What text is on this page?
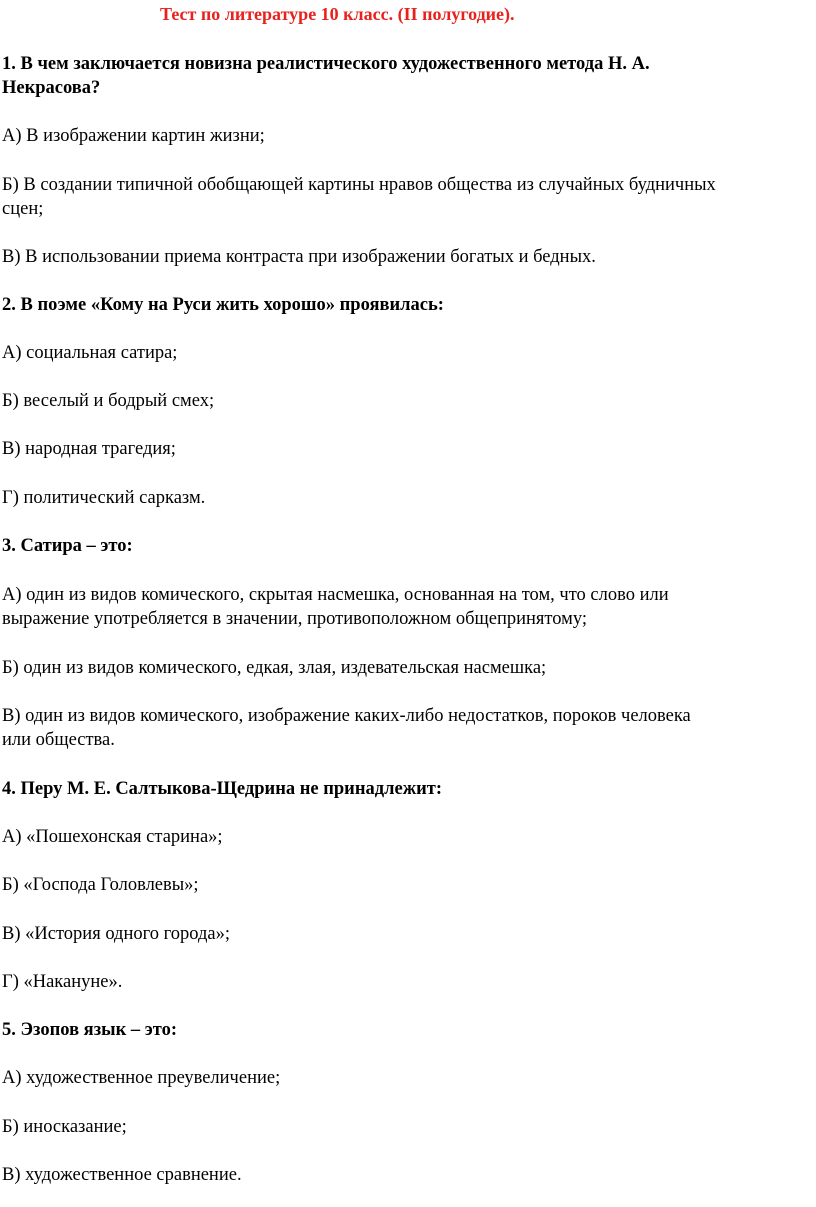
Тест по литературе 10 класс. (II полугодие).
1. В чем заключается новизна реалистического художественного метода Н. А.
Некрасова?
А) В изображении картин жизни;
Б) В создании типичной обобщающей картины нравов общества из случайных будничных
сцен;
В) В использовании приема контраста при изображении богатых и бедных.
2. В поэме «Кому на Руси жить хорошо» проявилась:
А) социальная сатира;
Б) веселый и бодрый смех;
В) народная трагедия;
Г) политический сарказм.
3. Сатира – это:
А) один из видов комического, скрытая насмешка, основанная на том, что слово или
выражение употребляется в значении, противоположном общепринятому;
Б) один из видов комического, едкая, злая, издевательская насмешка;
В) один из видов комического, изображение каких-либо недостатков, пороков человека
или общества.
4. Перу М. Е. Салтыкова-Щедрина не принадлежит:
А) «Пошехонская старина»;
Б) «Господа Головлевы»;
В) «История одного города»;
Г) «Накануне».
5. Эзопов язык – это:
А) художественное преувеличение;
Б) иносказание;
В) художественное сравнение.
